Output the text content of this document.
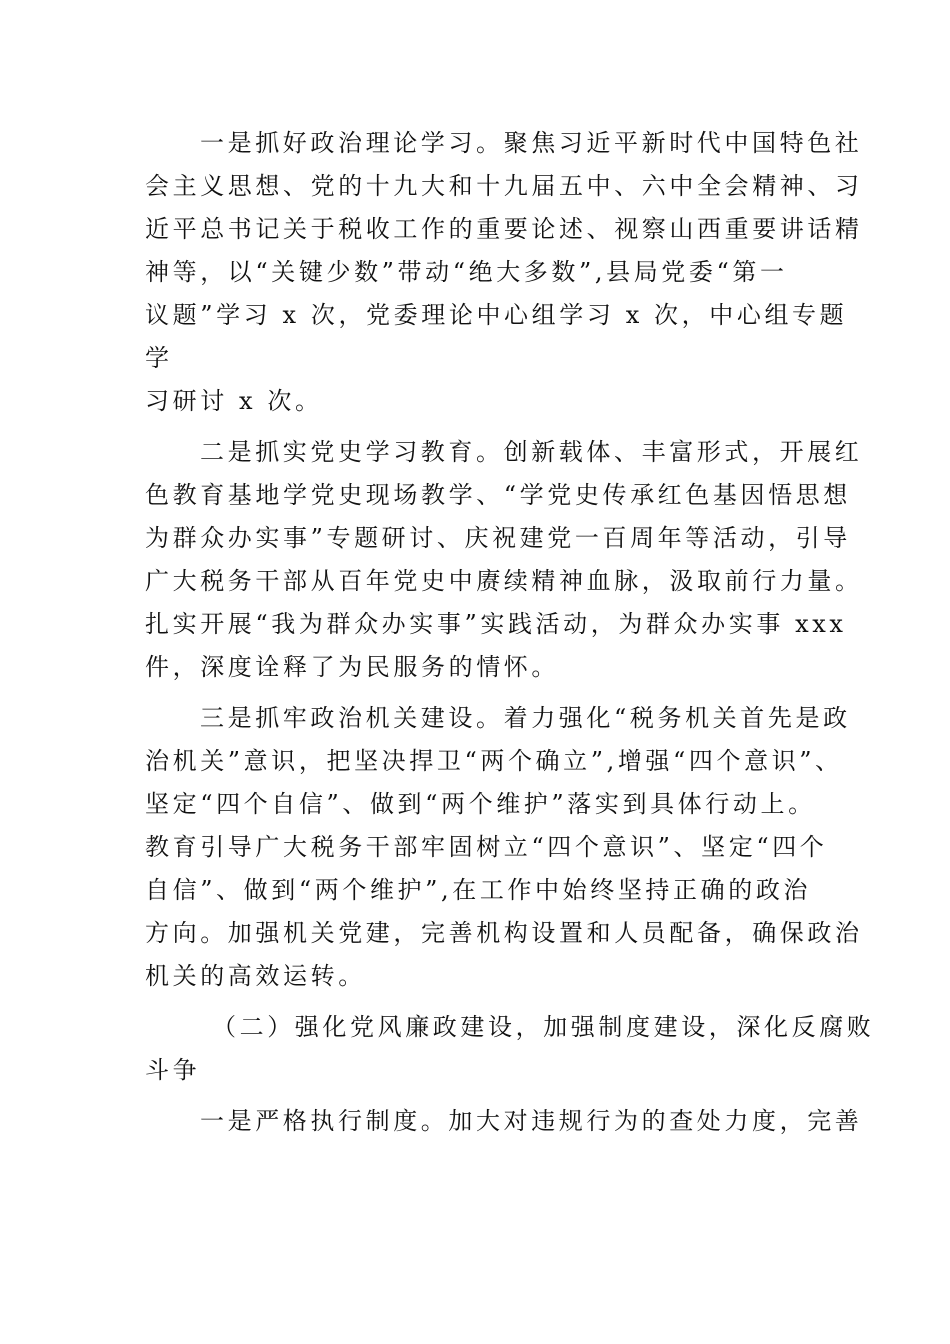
一是抓好政治理论学习。聚焦习近平新时代中国特色社
会主义思想、党的十九大和十九届五中、六中全会精神、习
近平总书记关于税收工作的重要论述、视察山西重要讲话精
神等，以“关键少数”带动“绝大多数”,县局党委“第一
议题”学习 x 次，党委理论中心组学习 x 次，中心组专题
学
习研讨 x 次。
二是抓实党史学习教育。创新载体、丰富形式，开展红
色教育基地学党史现场教学、“学党史传承红色基因悟思想
为群众办实事”专题研讨、庆祝建党一百周年等活动，引导
广大税务干部从百年党史中赓续精神血脉，汲取前行力量。
扎实开展“我为群众办实事”实践活动，为群众办实事 xxx
件，深度诠释了为民服务的情怀。
三是抓牢政治机关建设。着力强化“税务机关首先是政
治机关”意识，把坚决捍卫“两个确立”,增强“四个意识”、
坚定“四个自信”、做到“两个维护”落实到具体行动上。
教育引导广大税务干部牢固树立“四个意识”、坚定“四个
自信”、做到“两个维护”,在工作中始终坚持正确的政治
方向。加强机关党建，完善机构设置和人员配备，确保政治
机关的高效运转。
（二）强化党风廉政建设，加强制度建设，深化反腐败
斗争
一是严格执行制度。加大对违规行为的查处力度，完善
